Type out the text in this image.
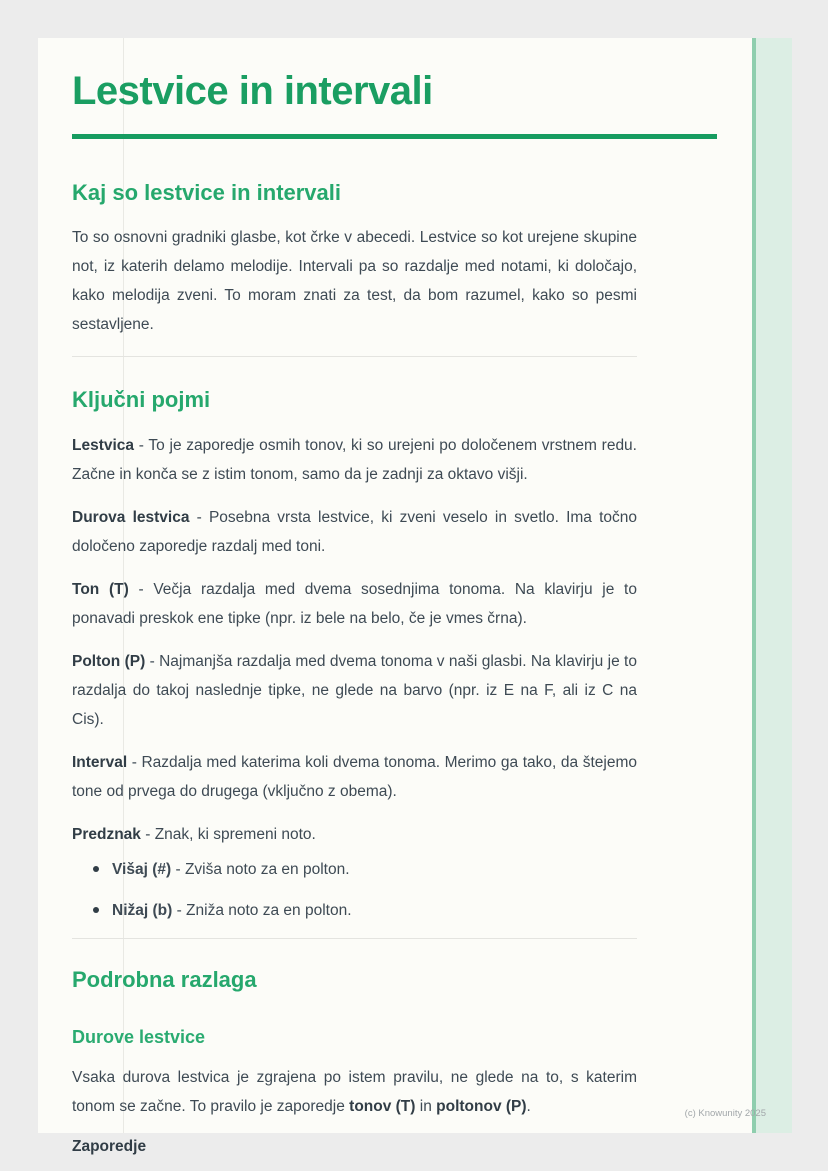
Lestvice in intervali
Kaj so lestvice in intervali

To so osnovni gradniki glasbe, kot črke v abecedi. Lestvice so kot urejene skupine not, iz katerih delamo melodije. Intervali pa so razdalje med notami, ki določajo, kako melodija zveni. To moram znati za test, da bom razumel, kako so pesmi sestavljene.

Ključni pojmi

Lestvica - To je zaporedje osmih tonov, ki so urejeni po določenem vrstnem redu. Začne in konča se z istim tonom, samo da je zadnji za oktavo višji.

Durova lestvica - Posebna vrsta lestvice, ki zveni veselo in svetlo. Ima točno določeno zaporedje razdalj med toni.

Ton (T) - Večja razdalja med dvema sosednjima tonoma. Na klavirju je to ponavadi preskok ene tipke (npr. iz bele na belo, če je vmes črna).

Polton (P) - Najmanjša razdalja med dvema tonoma v naši glasbi. Na klavirju je to razdalja do takoj naslednje tipke, ne glede na barvo (npr. iz E na F, ali iz C na Cis).

Interval - Razdalja med katerima koli dvema tonoma. Merimo ga tako, da štejemo tone od prvega do drugega (vključno z obema).

Predznak - Znak, ki spremeni noto.

Višaj (#) - Zviša noto za en polton.
Nižaj (b) - Zniža noto za en polton.
Podrobna razlaga
Durove lestvice

Vsaka durova lestvica je zgrajena po istem pravilu, ne glede na to, s katerim tonom se začne. To pravilo je zaporedje tonov (T) in poltonov (P).

Zaporedje

(c) Knowunity 2025
